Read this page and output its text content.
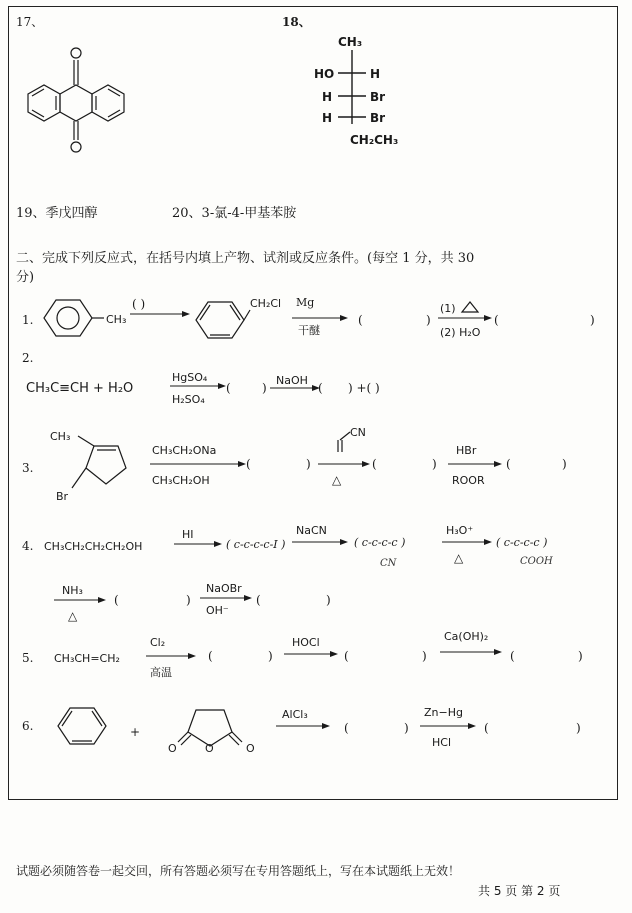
17、	18、
CH₃
HO	H
H	Br
H	Br
CH₂CH₃
19、季戊四醇	20、3-氯-4-甲基苯胺
二、完成下列反应式，在括号内填上产物、试剂或反应条件。(每空 1 分，共 30
分)
1.	CH₃
( )	CH₂Cl Mg
干醚
(	)
(1)
(2) H₂O
(	)
2.
CH₃C≡CH + H₂O
HgSO₄
H₂SO₄
(	)
NaOH
( ) +( )
3.
CH₃
Br
CH₃CH₂ONa
CH₃CH₂OH
(	)
CN
△
(	)
HBr
ROOR
(	)
4. CH₃CH₂CH₂CH₂OH
HI
( c-c-c-c-I )
NaCN
( c-c-c-c )
CN
H₃O⁺
△
( c-c-c-c )
COOH
NH₃
△
(	)
NaOBr
OH⁻
(	)
5. CH₃CH=CH₂
Cl₂
高温
(	)
HOCl
(	)
Ca(OH)₂
(	)
6.	+
O
O	O
AlCl₃
(	)
Zn−Hg
HCl
(	)
试题必须随答卷一起交回，所有答题必须写在专用答题纸上，写在本试题纸上无效！
共 5 页 第 2 页
